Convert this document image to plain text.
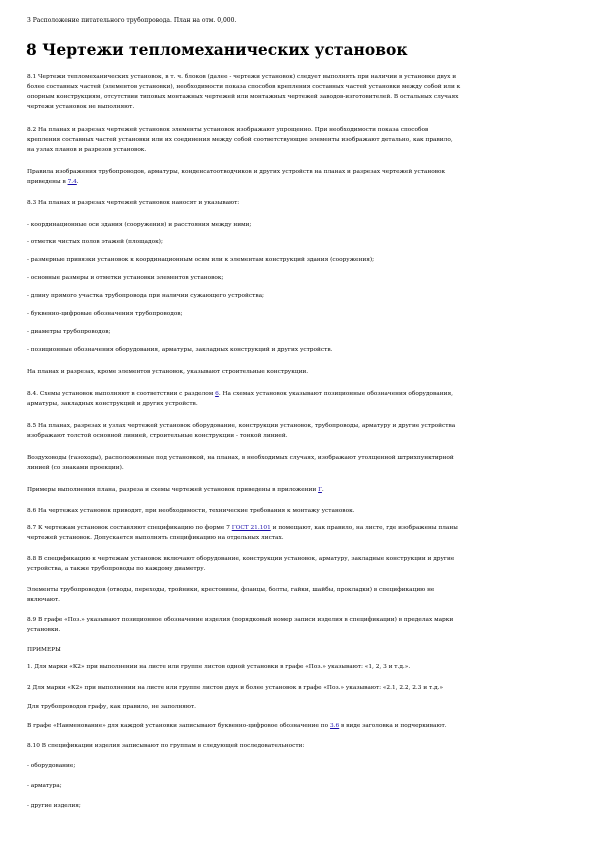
3 Расположение питательного трубопровода. План на отм. 0,000.
8 Чертежи тепломеханических установок

8.1 Чертежи тепломеханических установок, в т. ч. блоков (далее - чертежи установок) следует выполнять при наличии в установке двух и

более составных частей (элементов установки), необходимости показа способов крепления составных частей установки между собой или к

опорным конструкциям, отсутствии типовых монтажных чертежей или монтажных чертежей заводов-изготовителей. В остальных случаях

чертежи установок не выполняют.

8.2 На планах и разрезах чертежей установок элементы установок изображают упрощенно. При необходимости показа способов

крепления составных частей установки или их соединения между собой соответствующие элементы изображают детально, как правило,

на узлах планов и разрезов установок.

Правила изображения трубопроводов, арматуры, конденсатоотводчиков и других устройств на планах и разрезах чертежей установок

приведены в 7.4.

8.3 На планах и разрезах чертежей установок наносят и указывают:

- координационные оси здания (сооружения) и расстояния между ними;

- отметки чистых полов этажей (площадок);

- размерные привязки установок к координационным осям или к элементам конструкций здания (сооружения);

- основные размеры и отметки установки элементов установок;

- длину прямого участка трубопровода при наличии сужающего устройства;

- буквенно-цифровые обозначения трубопроводов;

- диаметры трубопроводов;

- позиционные обозначения оборудования, арматуры, закладных конструкций и других устройств.

На планах и разрезах, кроме элементов установок, указывают строительные конструкции.

8.4. Схемы установок выполняют в соответствии с разделом 6. На схемах установок указывают позиционные обозначения оборудования,

арматуры, закладных конструкций и других устройств.

8.5 На планах, разрезах и узлах чертежей установок оборудование, конструкции установок, трубопроводы, арматуру и другие устройства

изображают толстой основной линией, строительные конструкции - тонкой линией.

Воздуховоды (газоходы), расположенные под установкой, на планах, в необходимых случаях, изображают утолщенной штрихпунктирной

линией (со знаками проекции).

Примеры выполнения плана, разреза и схемы чертежей установок приведены в приложении Г.

8.6 На чертежах установок приводят, при необходимости, технические требования к монтажу установок.

8.7 К чертежам установок составляют спецификацию по форме 7 ГОСТ 21.101 и помещают, как правило, на листе, где изображены планы

чертежей установок. Допускается выполнять спецификацию на отдельных листах.

8.8 В спецификацию к чертежам установок включают оборудование, конструкции установок, арматуру, закладные конструкции и другие

устройства, а также трубопроводы по каждому диаметру.

Элементы трубопроводов (отводы, переходы, тройники, крестовины, фланцы, болты, гайки, шайбы, прокладки) в спецификацию не

включают.

8.9 В графе «Поз.» указывают позиционное обозначение изделия (порядковый номер записи изделия в спецификации) в пределах марки

установки.

ПРИМЕРЫ

1. Для марки «К2» при выполнении на листе или группе листов одной установки в графе «Поз.» указывают: «1, 2, 3 и т.д.».

2 Для марки «К2» при выполнении на листе или группе листов двух и более установок в графе «Поз.» указывают: «2.1, 2.2, 2.3 и т.д.»

Для трубопроводов графу, как правило, не заполняют.

В графе «Наименование» для каждой установки записывают буквенно-цифровое обозначение по 3.6 в виде заголовка и подчеркивают.

8.10 В спецификации изделия записывают по группам в следующей последовательности:

- оборудование;

- арматура;

- другие изделия;
